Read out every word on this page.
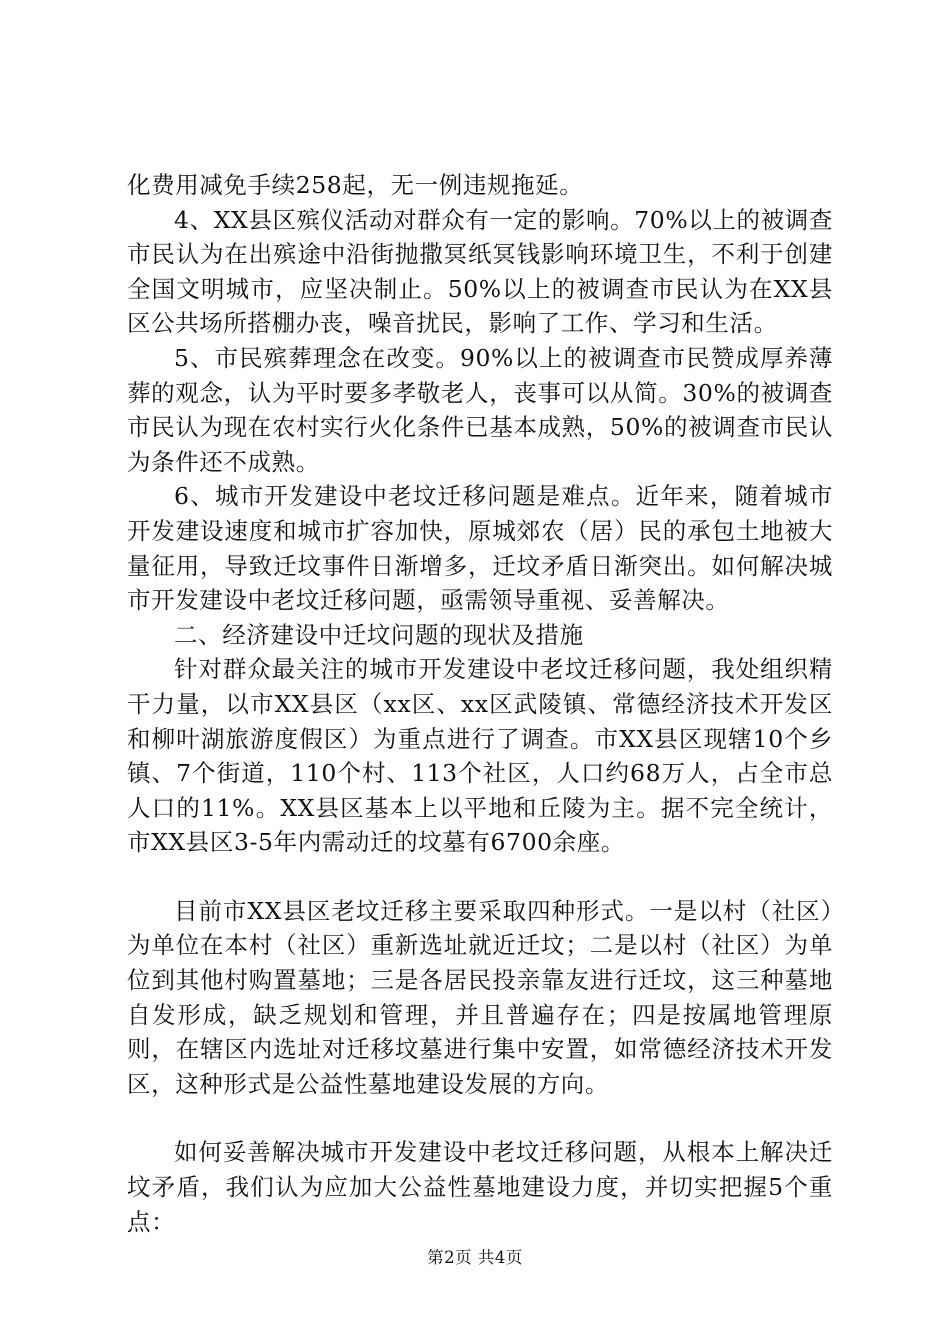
化费用减免手续258起，无一例违规拖延。

4、XX县区殡仪活动对群众有一定的影响。70%以上的被调查市民认为在出殡途中沿街抛撒冥纸冥钱影响环境卫生，不利于创建全国文明城市，应坚决制止。50%以上的被调查市民认为在XX县区公共场所搭棚办丧，噪音扰民，影响了工作、学习和生活。

5、市民殡葬理念在改变。90%以上的被调查市民赞成厚养薄葬的观念，认为平时要多孝敬老人，丧事可以从简。30%的被调查市民认为现在农村实行火化条件已基本成熟，50%的被调查市民认为条件还不成熟。

6、城市开发建设中老坟迁移问题是难点。近年来，随着城市开发建设速度和城市扩容加快，原城郊农（居）民的承包土地被大量征用，导致迁坟事件日渐增多，迁坟矛盾日渐突出。如何解决城市开发建设中老坟迁移问题，亟需领导重视、妥善解决。

二、经济建设中迁坟问题的现状及措施

针对群众最关注的城市开发建设中老坟迁移问题，我处组织精干力量，以市XX县区（xx区、xx区武陵镇、常德经济技术开发区和柳叶湖旅游度假区）为重点进行了调查。市XX县区现辖10个乡镇、7个街道，110个村、113个社区，人口约68万人，占全市总人口的11%。XX县区基本上以平地和丘陵为主。据不完全统计，市XX县区3-5年内需动迁的坟墓有6700余座。

目前市XX县区老坟迁移主要采取四种形式。一是以村（社区）为单位在本村（社区）重新选址就近迁坟；二是以村（社区）为单位到其他村购置墓地；三是各居民投亲靠友进行迁坟，这三种墓地自发形成，缺乏规划和管理，并且普遍存在；四是按属地管理原则，在辖区内选址对迁移坟墓进行集中安置，如常德经济技术开发区，这种形式是公益性墓地建设发展的方向。

如何妥善解决城市开发建设中老坟迁移问题，从根本上解决迁坟矛盾，我们认为应加大公益性墓地建设力度，并切实把握5个重点：

第2页 共4页
